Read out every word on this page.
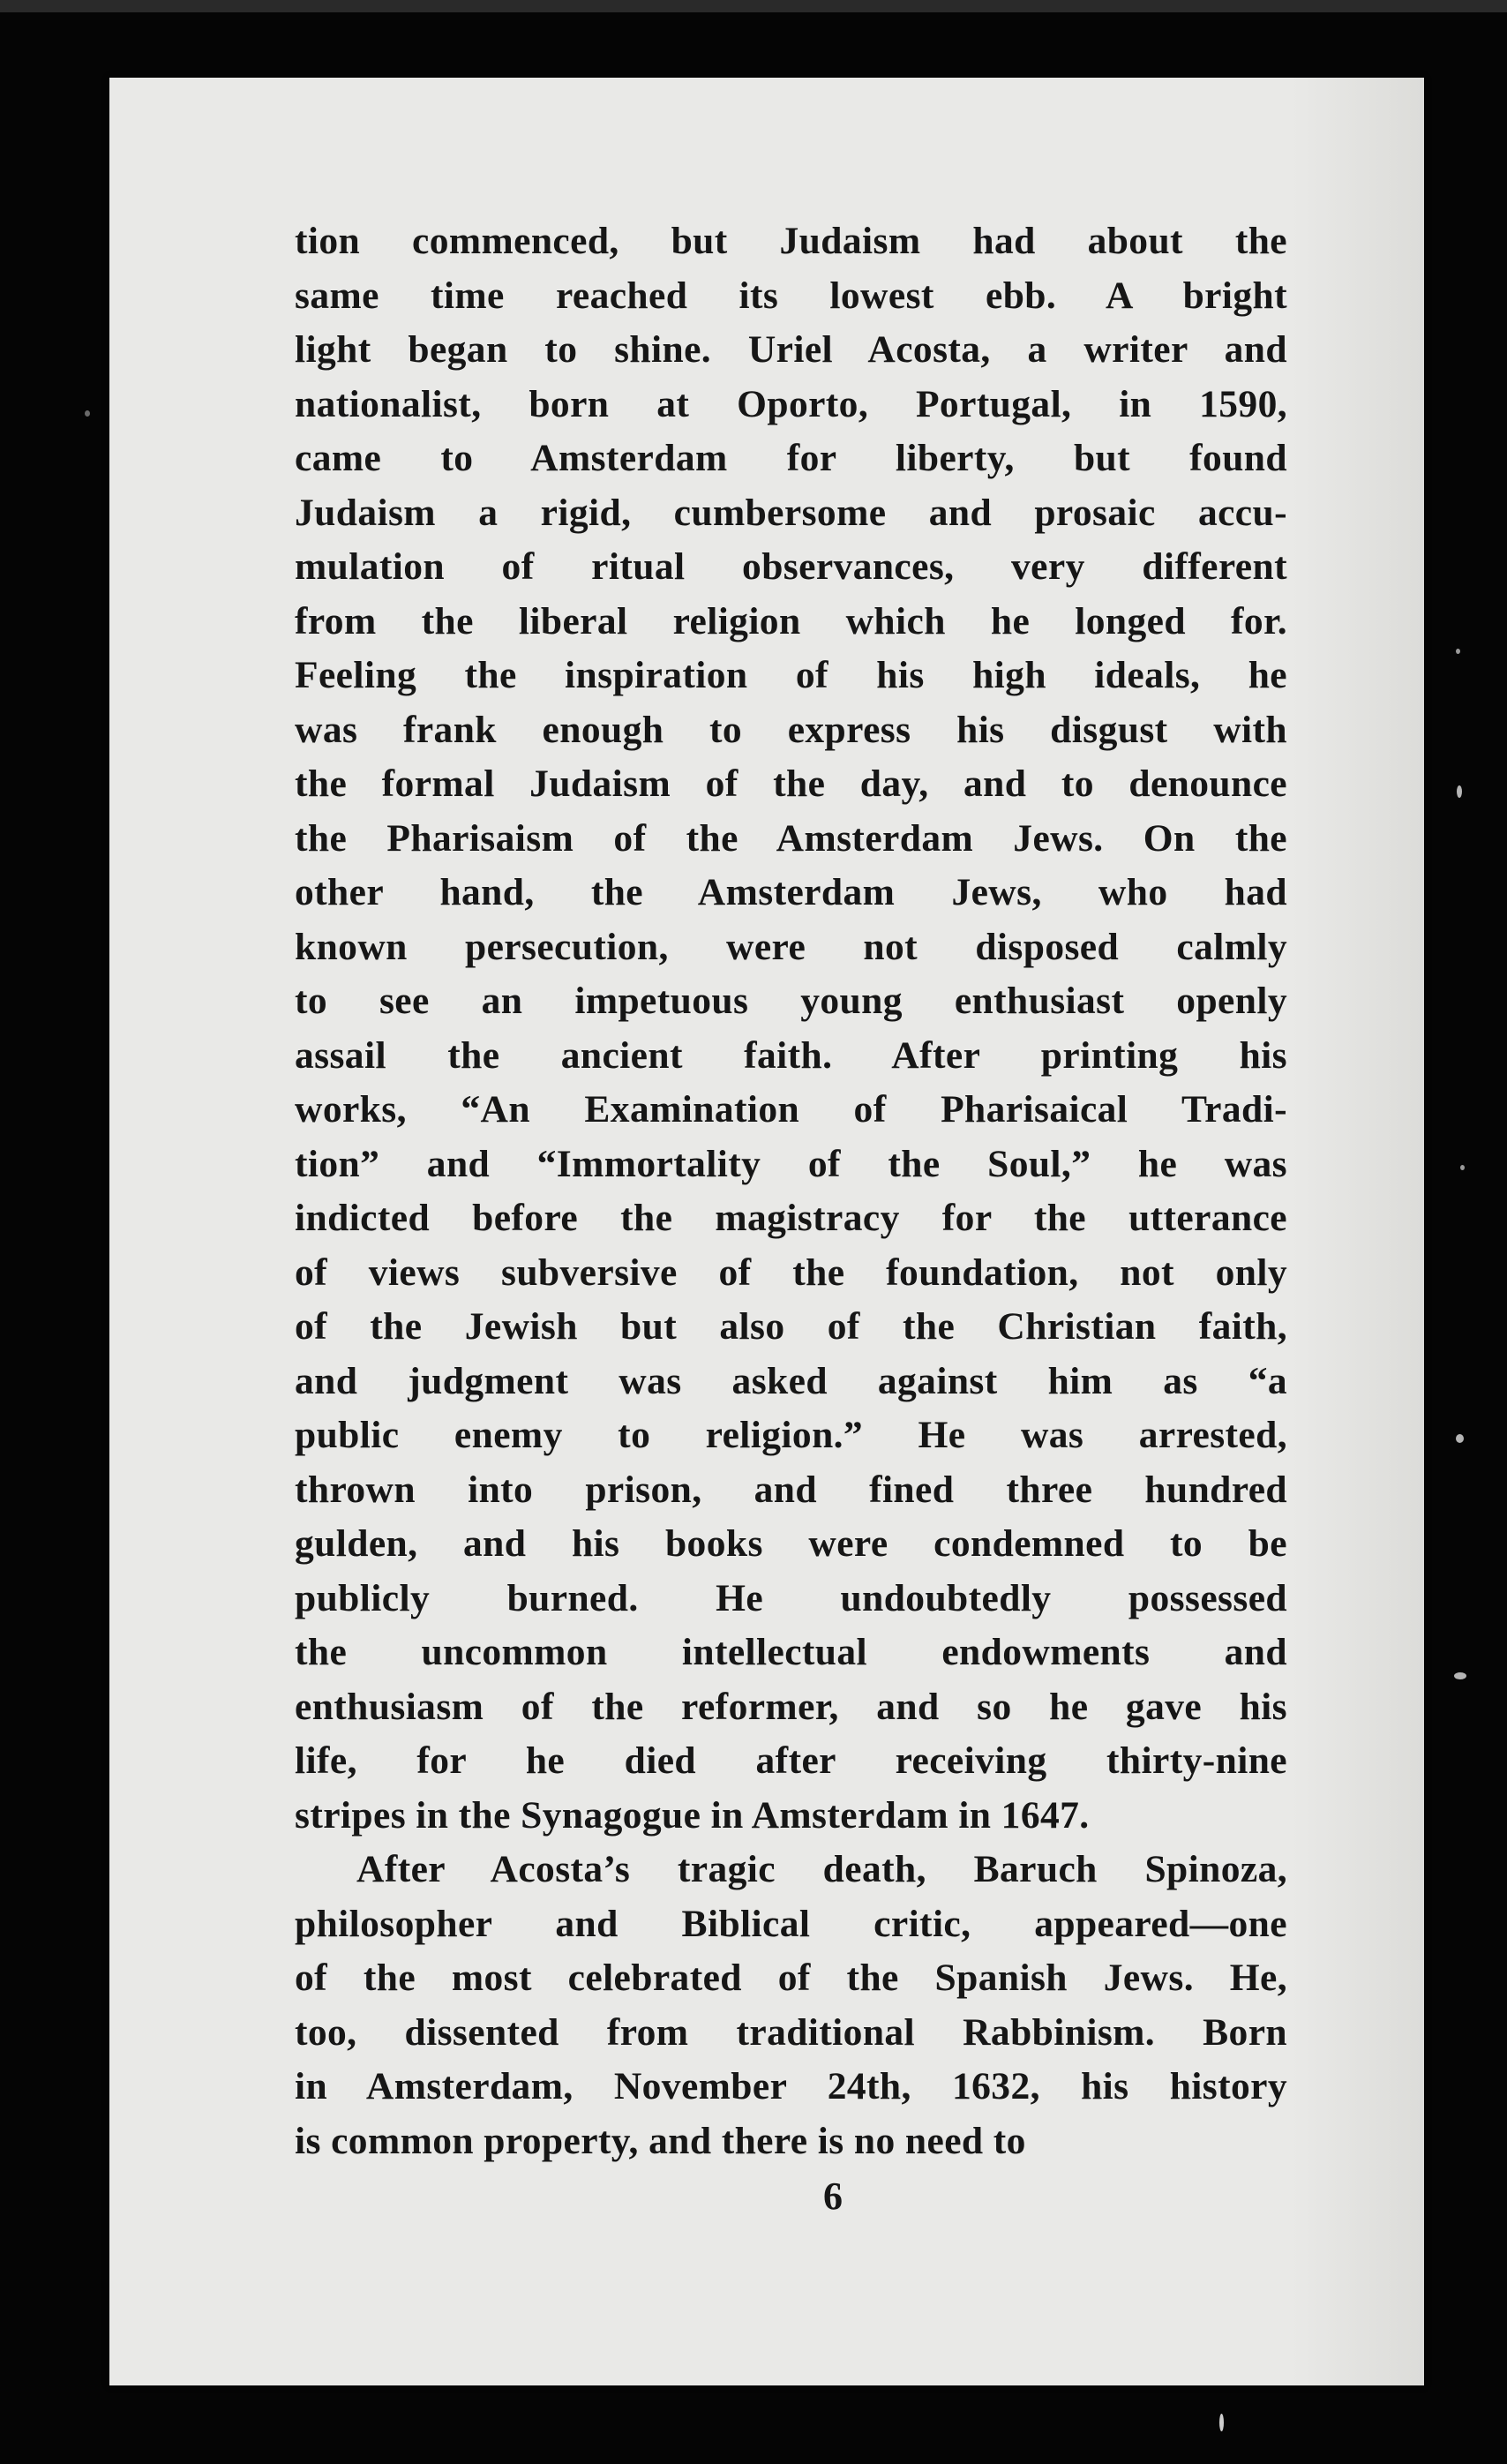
tion commenced, but Judaism had about the
same time reached its lowest ebb. A bright
light began to shine. Uriel Acosta, a writer and
nationalist, born at Oporto, Portugal, in 1590,
came to Amsterdam for liberty, but found
Judaism a rigid, cumbersome and prosaic accu-
mulation of ritual observances, very different
from the liberal religion which he longed for.
Feeling the inspiration of his high ideals, he
was frank enough to express his disgust with
the formal Judaism of the day, and to denounce
the Pharisaism of the Amsterdam Jews. On the
other hand, the Amsterdam Jews, who had
known persecution, were not disposed calmly
to see an impetuous young enthusiast openly
assail the ancient faith. After printing his
works, “An Examination of Pharisaical Tradi-
tion” and “Immortality of the Soul,” he was
indicted before the magistracy for the utterance
of views subversive of the foundation, not only
of the Jewish but also of the Christian faith,
and judgment was asked against him as “a
public enemy to religion.” He was arrested,
thrown into prison, and fined three hundred
gulden, and his books were condemned to be
publicly burned. He undoubtedly possessed
the uncommon intellectual endowments and
enthusiasm of the reformer, and so he gave his
life, for he died after receiving thirty-nine
stripes in the Synagogue in Amsterdam in 1647.
After Acosta’s tragic death, Baruch Spinoza,
philosopher and Biblical critic, appeared—one
of the most celebrated of the Spanish Jews. He,
too, dissented from traditional Rabbinism. Born
in Amsterdam, November 24th, 1632, his history
is common property, and there is no need to
6
